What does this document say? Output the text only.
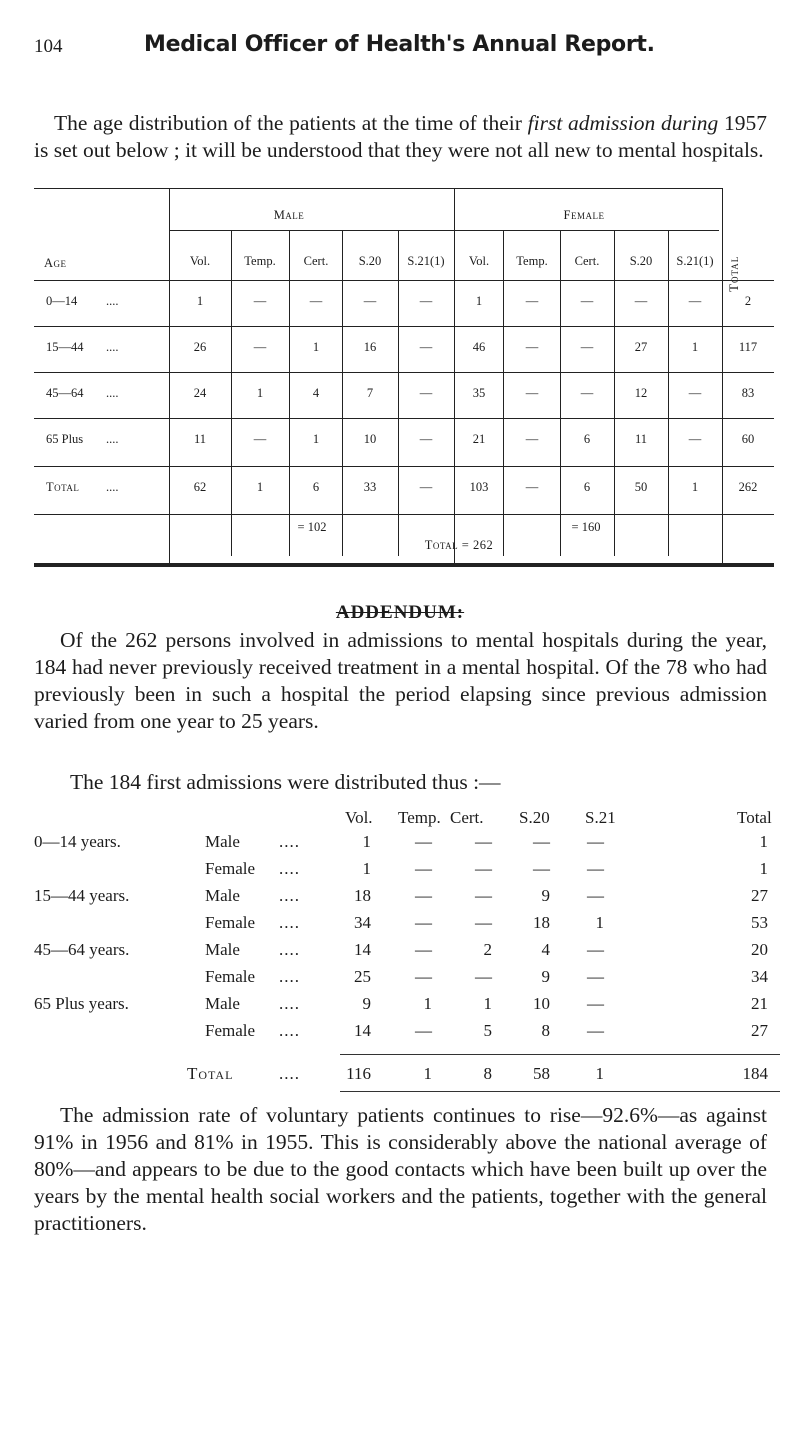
104	Medical Officer of Health's Annual Report.

The age distribution of the patients at the time of their first admission during 1957 is set out below ; it will be understood that they were not all new to mental hospitals.

Male	Female
Age	Total
Vol.	Temp.	Cert.	S.20	S.21(1)	Vol.	Temp.	Cert.	S.20	S.21(1)
0—14	....	1	—	—	—	—	1	—	—	—	—	2
15—44	....	26	—	1	16	—	46	—	—	27	1	117
45—64	....	24	1	4	7	—	35	—	—	12	—	83
65 Plus	....	11	—	1	10	—	21	—	6	11	—	60
Total	....	62	1	6	33	—	103	—	6	50	1	262
= 102
Total = 262
= 160
ADDENDUM:

Of the 262 persons involved in admissions to mental hospitals during the year, 184 had never previously received treatment in a mental hospital. Of the 78 who had previously been in such a hospital the period elapsing since previous admission varied from one year to 25 years.

The 184 first admissions were distributed thus :—
Vol. Temp. Cert. S.20 S.21	Total
0—14 years.	Male ....	1	—	—	—	—	1
Female ....	1	—	—	—	—	1
15—44 years.	Male ....	18	—	—	9	—	27
Female ....	34	—	—	18	1	53
45—64 years.	Male ....	14	—	2	4	—	20
Female ....	25	—	—	9	—	34
65 Plus years.	Male ....	9	1	1	10	—	21
Female ....	14	—	5	8	—	27
Total	....	116	1	8	58	1	184

The admission rate of voluntary patients continues to rise—92.6%—as against 91% in 1956 and 81% in 1955. This is considerably above the national average of 80%—and appears to be due to the good contacts which have been built up over the years by the mental health social workers and the patients, together with the general practitioners.
